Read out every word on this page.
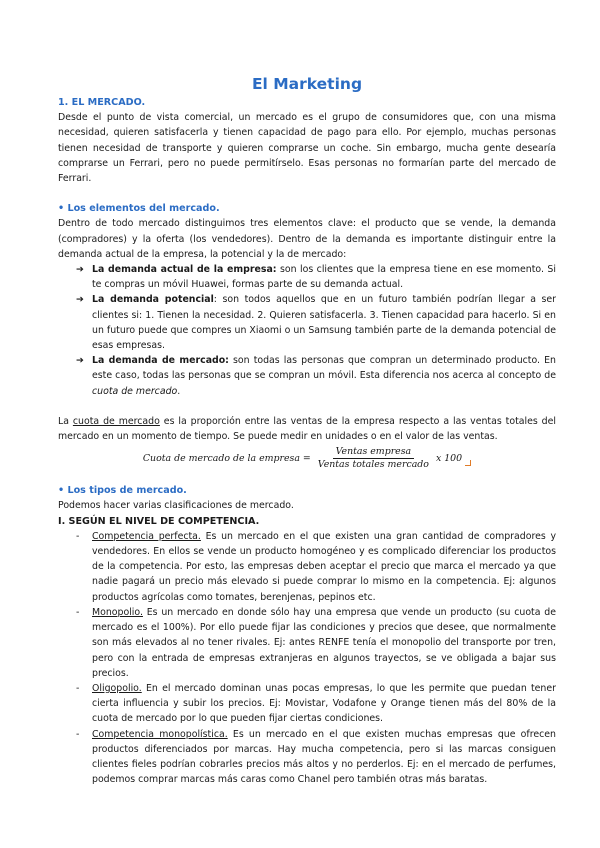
El Marketing
1. EL MERCADO.

Desde el punto de vista comercial, un mercado es el grupo de consumidores que, con una misma necesidad, quieren satisfacerla y tienen capacidad de pago para ello. Por ejemplo, muchas personas tienen necesidad de transporte y quieren comprarse un coche. Sin embargo, mucha gente desearía comprarse un Ferrari, pero no puede permitírselo. Esas personas no formarían parte del mercado de Ferrari.

• Los elementos del mercado.

Dentro de todo mercado distinguimos tres elementos clave: el producto que se vende, la demanda (compradores) y la oferta (los vendedores). Dentro de la demanda es importante distinguir entre la demanda actual de la empresa, la potencial y la de mercado:

➔ La demanda actual de la empresa: son los clientes que la empresa tiene en ese momento. Si te compras un móvil Huawei, formas parte de su demanda actual.
➔ La demanda potencial: son todos aquellos que en un futuro también podrían llegar a ser clientes si: 1. Tienen la necesidad. 2. Quieren satisfacerla. 3. Tienen capacidad para hacerlo. Si en un futuro puede que compres un Xiaomi o un Samsung también parte de la demanda potencial de esas empresas.
➔ La demanda de mercado: son todas las personas que compran un determinado producto. En este caso, todas las personas que se compran un móvil. Esta diferencia nos acerca al concepto de cuota de mercado.

La cuota de mercado es la proporción entre las ventas de la empresa respecto a las ventas totales del mercado en un momento de tiempo. Se puede medir en unidades o en el valor de las ventas.

Cuota de mercado de la empresa = $\frac{\text{Ventas empresa}}{\text{Ventas totales mercado}}$ x 100
• Los tipos de mercado.

Podemos hacer varias clasificaciones de mercado.

I. SEGÚN EL NIVEL DE COMPETENCIA.
- Competencia perfecta. Es un mercado en el que existen una gran cantidad de compradores y vendedores. En ellos se vende un producto homogéneo y es complicado diferenciar los productos de la competencia. Por esto, las empresas deben aceptar el precio que marca el mercado ya que nadie pagará un precio más elevado si puede comprar lo mismo en la competencia. Ej: algunos productos agrícolas como tomates, berenjenas, pepinos etc.
- Monopolio. Es un mercado en donde sólo hay una empresa que vende un producto (su cuota de mercado es el 100%). Por ello puede fijar las condiciones y precios que desee, que normalmente son más elevados al no tener rivales. Ej: antes RENFE tenía el monopolio del transporte por tren, pero con la entrada de empresas extranjeras en algunos trayectos, se ve obligada a bajar sus precios.
- Oligopolio. En el mercado dominan unas pocas empresas, lo que les permite que puedan tener cierta influencia y subir los precios. Ej: Movistar, Vodafone y Orange tienen más del 80% de la cuota de mercado por lo que pueden fijar ciertas condiciones.
- Competencia monopolística. Es un mercado en el que existen muchas empresas que ofrecen productos diferenciados por marcas. Hay mucha competencia, pero si las marcas consiguen clientes fieles podrían cobrarles precios más altos y no perderlos. Ej: en el mercado de perfumes, podemos comprar marcas más caras como Chanel pero también otras más baratas.
